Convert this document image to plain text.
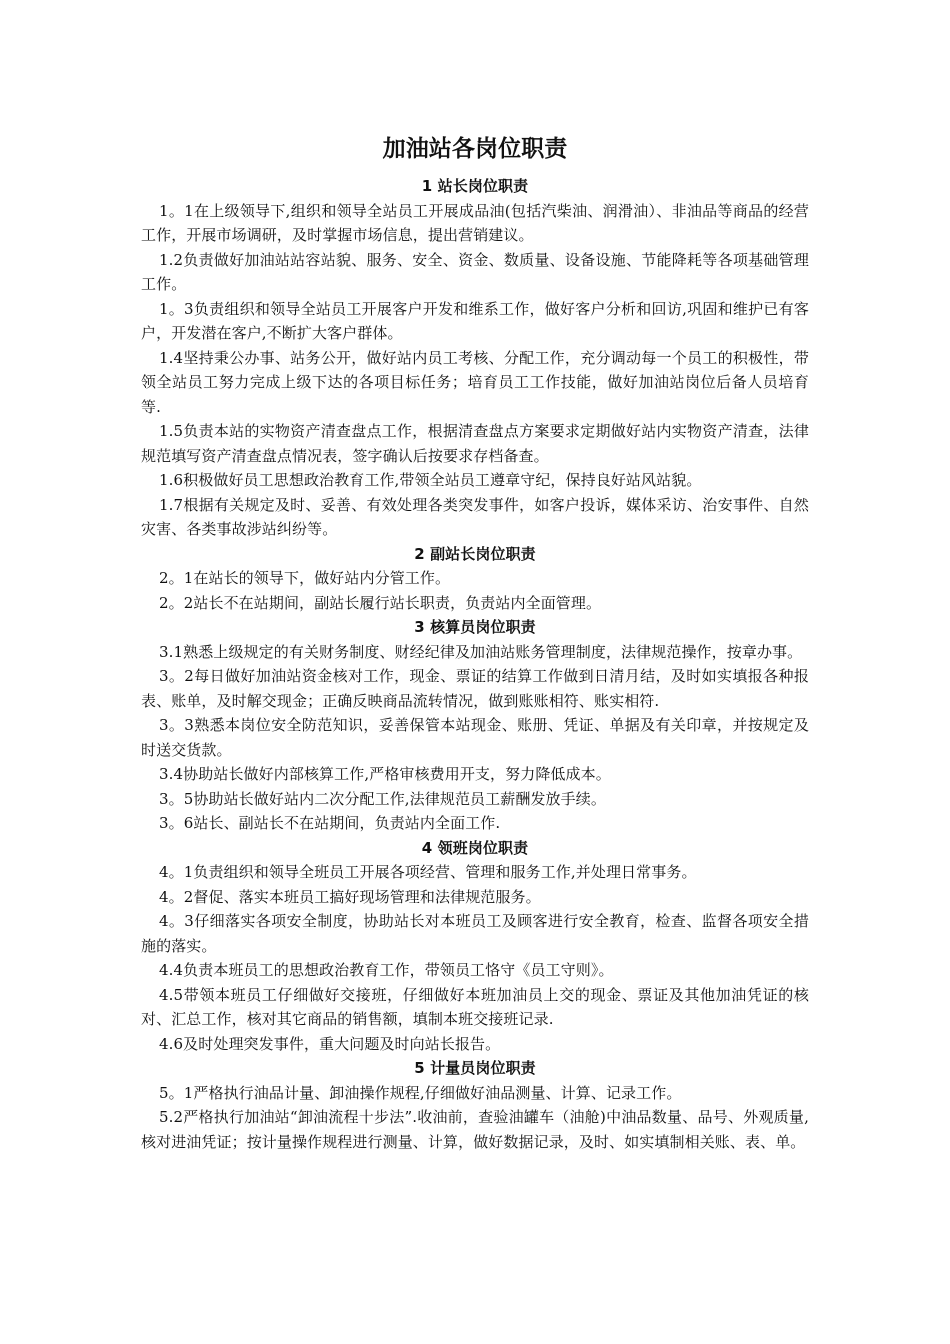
加油站各岗位职责

1 站长岗位职责

1。1在上级领导下,组织和领导全站员工开展成品油(包括汽柴油、润滑油）、非油品等商品的经营工作，开展市场调研，及时掌握市场信息，提出营销建议。

1.2负责做好加油站站容站貌、服务、安全、资金、数质量、设备设施、节能降耗等各项基础管理工作。

1。3负责组织和领导全站员工开展客户开发和维系工作，做好客户分析和回访,巩固和维护已有客户，开发潜在客户,不断扩大客户群体。

1.4坚持秉公办事、站务公开，做好站内员工考核、分配工作，充分调动每一个员工的积极性，带领全站员工努力完成上级下达的各项目标任务；培育员工工作技能，做好加油站岗位后备人员培育等.

1.5负责本站的实物资产清查盘点工作，根据清查盘点方案要求定期做好站内实物资产清查，法律规范填写资产清查盘点情况表，签字确认后按要求存档备查。

1.6积极做好员工思想政治教育工作,带领全站员工遵章守纪，保持良好站风站貌。

1.7根据有关规定及时、妥善、有效处理各类突发事件，如客户投诉，媒体采访、治安事件、自然灾害、各类事故涉站纠纷等。

2 副站长岗位职责

2。1在站长的领导下，做好站内分管工作。

2。2站长不在站期间，副站长履行站长职责，负责站内全面管理。

3 核算员岗位职责

3.1熟悉上级规定的有关财务制度、财经纪律及加油站账务管理制度，法律规范操作，按章办事。

3。2每日做好加油站资金核对工作，现金、票证的结算工作做到日清月结，及时如实填报各种报表、账单，及时解交现金；正确反映商品流转情况，做到账账相符、账实相符.

3。3熟悉本岗位安全防范知识，妥善保管本站现金、账册、凭证、单据及有关印章，并按规定及时送交货款。

3.4协助站长做好内部核算工作,严格审核费用开支，努力降低成本。

3。5协助站长做好站内二次分配工作,法律规范员工薪酬发放手续。

3。6站长、副站长不在站期间，负责站内全面工作.

4 领班岗位职责

4。1负责组织和领导全班员工开展各项经营、管理和服务工作,并处理日常事务。

4。2督促、落实本班员工搞好现场管理和法律规范服务。

4。3仔细落实各项安全制度，协助站长对本班员工及顾客进行安全教育，检查、监督各项安全措施的落实。

4.4负责本班员工的思想政治教育工作，带领员工恪守《员工守则》。

4.5带领本班员工仔细做好交接班，仔细做好本班加油员上交的现金、票证及其他加油凭证的核对、汇总工作，核对其它商品的销售额，填制本班交接班记录.

4.6及时处理突发事件，重大问题及时向站长报告。

5 计量员岗位职责

5。1严格执行油品计量、卸油操作规程,仔细做好油品测量、计算、记录工作。

5.2严格执行加油站“卸油流程十步法”.收油前，查验油罐车（油舱)中油品数量、品号、外观质量,核对进油凭证；按计量操作规程进行测量、计算，做好数据记录，及时、如实填制相关账、表、单。
